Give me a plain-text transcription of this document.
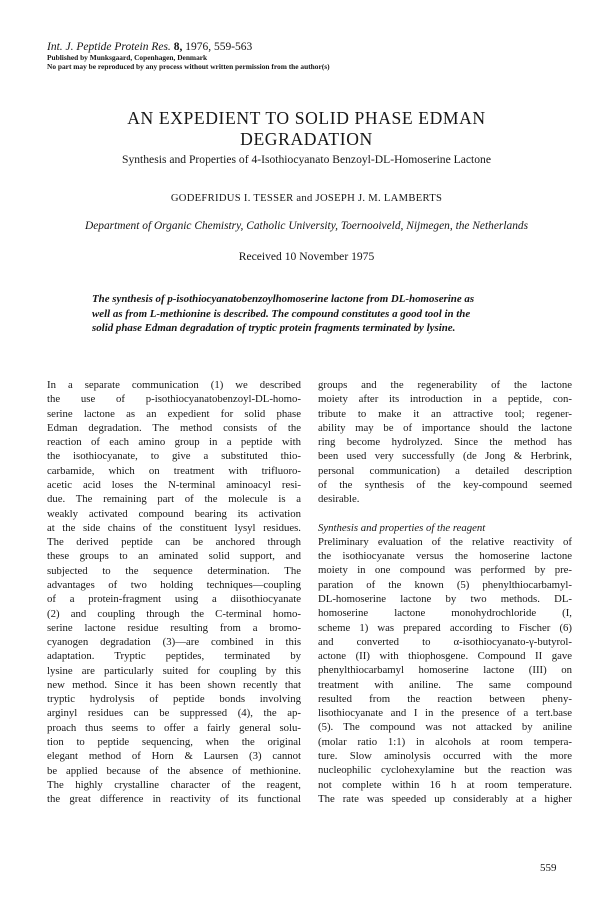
Int. J. Peptide Protein Res. 8, 1976, 559-563
Published by Munksgaard, Copenhagen, Denmark
No part may be reproduced by any process without written permission from the author(s)
AN EXPEDIENT TO SOLID PHASE EDMAN
DEGRADATION
Synthesis and Properties of 4-Isothiocyanato Benzoyl-DL-Homoserine Lactone
GODEFRIDUS I. TESSER and JOSEPH J. M. LAMBERTS
Department of Organic Chemistry, Catholic University, Toernooiveld, Nijmegen, the Netherlands
Received 10 November 1975
The synthesis of p-isothiocyanatobenzoylhomoserine lactone from DL-homoserine as
well as from L-methionine is described. The compound constitutes a good tool in the
solid phase Edman degradation of tryptic protein fragments terminated by lysine.
In a separate communication (1) we described
the use of p-isothiocyanatobenzoyl-DL-homo-
serine lactone as an expedient for solid phase
Edman degradation. The method consists of the
reaction of each amino group in a peptide with
the isothiocyanate, to give a substituted thio-
carbamide, which on treatment with trifluoro-
acetic acid loses the N-terminal aminoacyl resi-
due. The remaining part of the molecule is a
weakly activated compound bearing its activation
at the side chains of the constituent lysyl residues.
The derived peptide can be anchored through
these groups to an aminated solid support, and
subjected to the sequence determination. The
advantages of two holding techniques—coupling
of a protein-fragment using a diisothiocyanate
(2) and coupling through the C-terminal homo-
serine lactone residue resulting from a bromo-
cyanogen degradation (3)—are combined in this
adaptation. Tryptic peptides, terminated by
lysine are particularly suited for coupling by this
new method. Since it has been shown recently that
tryptic hydrolysis of peptide bonds involving
arginyl residues can be suppressed (4), the ap-
proach thus seems to offer a fairly general solu-
tion to peptide sequencing, when the original
elegant method of Horn & Laursen (3) cannot
be applied because of the absence of methionine.
The highly crystalline character of the reagent,
the great difference in reactivity of its functional
groups and the regenerability of the lactone
moiety after its introduction in a peptide, con-
tribute to make it an attractive tool; regener-
ability may be of importance should the lactone
ring become hydrolyzed. Since the method has
been used very successfully (de Jong & Herbrink,
personal communication) a detailed description
of the synthesis of the key-compound seemed
desirable.
Synthesis and properties of the reagent
Preliminary evaluation of the relative reactivity of
the isothiocyanate versus the homoserine lactone
moiety in one compound was performed by pre-
paration of the known (5) phenylthiocarbamyl-
DL-homoserine lactone by two methods. DL-
homoserine lactone monohydrochloride (I,
scheme 1) was prepared according to Fischer (6)
and converted to α-isothiocyanato-γ-butyrol-
actone (II) with thiophosgene. Compound II gave
phenylthiocarbamyl homoserine lactone (III) on
treatment with aniline. The same compound
resulted from the reaction between pheny-
lisothiocyanate and I in the presence of a tert.base
(5). The compound was not attacked by aniline
(molar ratio 1:1) in alcohols at room tempera-
ture. Slow aminolysis occurred with the more
nucleophilic cyclohexylamine but the reaction was
not complete within 16 h at room temperature.
The rate was speeded up considerably at a higher
559
